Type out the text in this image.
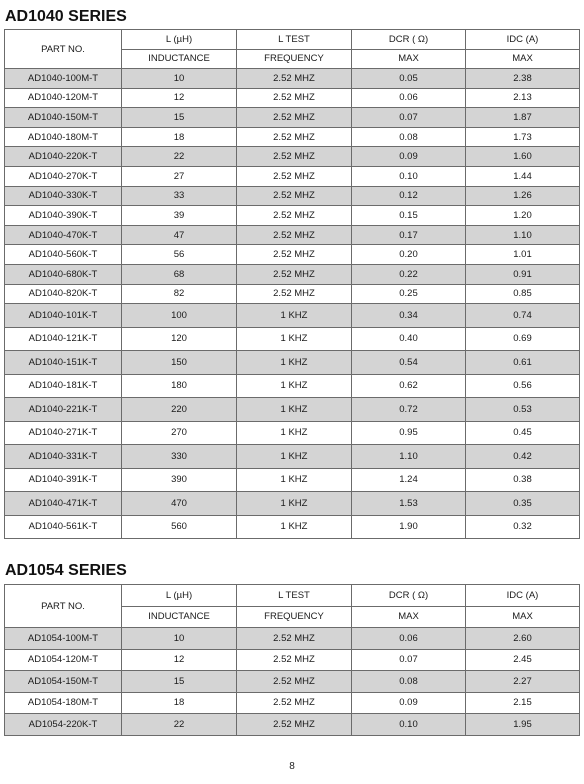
AD1040 SERIES
PART NO.	L (µH)	L TEST	DCR ( Ω)	IDC (A)
	INDUCTANCE	FREQUENCY	MAX	MAX
AD1040-100M-T	10	2.52 MHZ	0.05	2.38
AD1040-120M-T	12	2.52 MHZ	0.06	2.13
AD1040-150M-T	15	2.52 MHZ	0.07	1.87
AD1040-180M-T	18	2.52 MHZ	0.08	1.73
AD1040-220K-T	22	2.52 MHZ	0.09	1.60
AD1040-270K-T	27	2.52 MHZ	0.10	1.44
AD1040-330K-T	33	2.52 MHZ	0.12	1.26
AD1040-390K-T	39	2.52 MHZ	0.15	1.20
AD1040-470K-T	47	2.52 MHZ	0.17	1.10
AD1040-560K-T	56	2.52 MHZ	0.20	1.01
AD1040-680K-T	68	2.52 MHZ	0.22	0.91
AD1040-820K-T	82	2.52 MHZ	0.25	0.85
AD1040-101K-T	100	1 KHZ	0.34	0.74
AD1040-121K-T	120	1 KHZ	0.40	0.69
AD1040-151K-T	150	1 KHZ	0.54	0.61
AD1040-181K-T	180	1 KHZ	0.62	0.56
AD1040-221K-T	220	1 KHZ	0.72	0.53
AD1040-271K-T	270	1 KHZ	0.95	0.45
AD1040-331K-T	330	1 KHZ	1.10	0.42
AD1040-391K-T	390	1 KHZ	1.24	0.38
AD1040-471K-T	470	1 KHZ	1.53	0.35
AD1040-561K-T	560	1 KHZ	1.90	0.32
AD1054 SERIES
PART NO.	L (µH)	L TEST	DCR ( Ω)	IDC (A)
	INDUCTANCE	FREQUENCY	MAX	MAX
AD1054-100M-T	10	2.52 MHZ	0.06	2.60
AD1054-120M-T	12	2.52 MHZ	0.07	2.45
AD1054-150M-T	15	2.52 MHZ	0.08	2.27
AD1054-180M-T	18	2.52 MHZ	0.09	2.15
AD1054-220K-T	22	2.52 MHZ	0.10	1.95
8
